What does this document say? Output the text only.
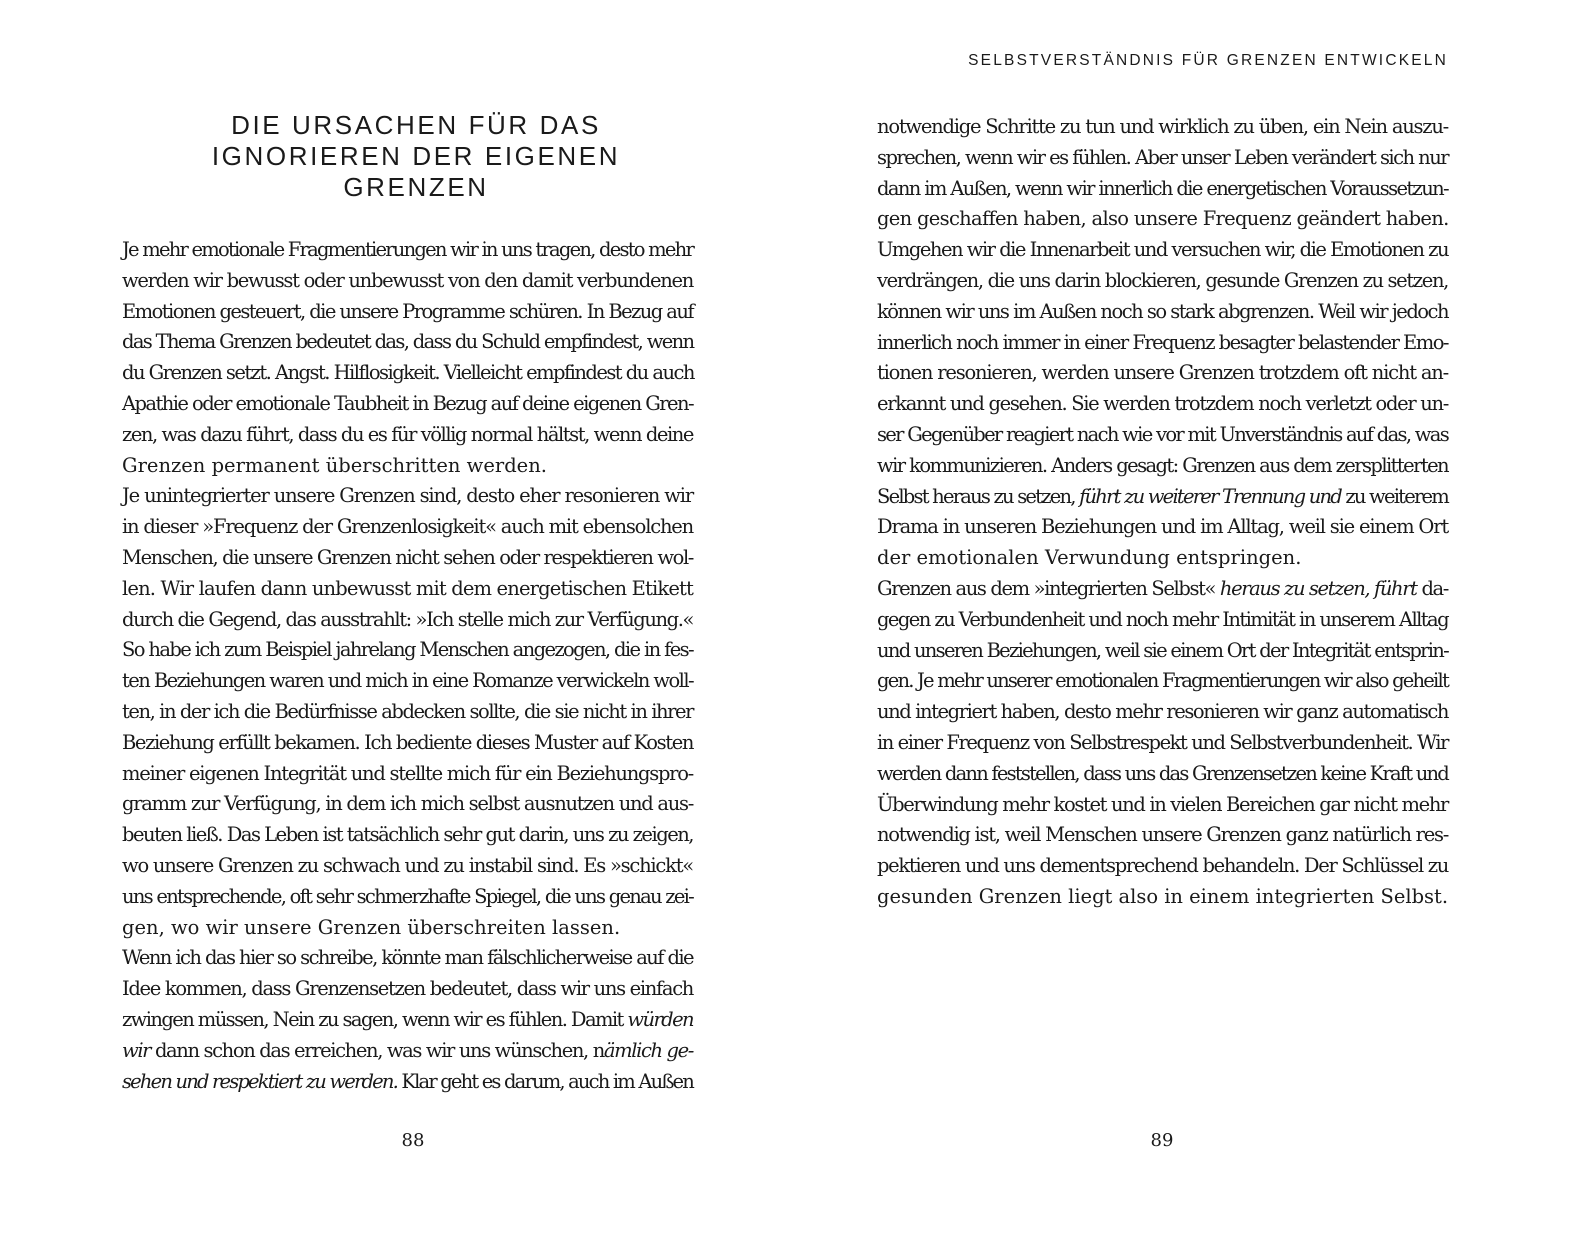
DIE URSACHEN FÜR DAS
IGNORIEREN DER EIGENEN
GRENZEN
Je mehr emotionale Fragmentierungen wir in uns tragen, desto mehr
werden wir bewusst oder unbewusst von den damit verbundenen
Emotionen gesteuert, die unsere Programme schüren. In Bezug auf
das Thema Grenzen bedeutet das, dass du Schuld empfindest, wenn
du Grenzen setzt. Angst. Hilflosigkeit. Vielleicht empfindest du auch
Apathie oder emotionale Taubheit in Bezug auf deine eigenen Gren-
zen, was dazu führt, dass du es für völlig normal hältst, wenn deine
Grenzen permanent überschritten werden.
Je unintegrierter unsere Grenzen sind, desto eher resonieren wir
in dieser »Frequenz der Grenzenlosigkeit« auch mit ebensolchen
Menschen, die unsere Grenzen nicht sehen oder respektieren wol-
len. Wir laufen dann unbewusst mit dem energetischen Etikett
durch die Gegend, das ausstrahlt: »Ich stelle mich zur Verfügung.«
So habe ich zum Beispiel jahrelang Menschen angezogen, die in fes-
ten Beziehungen waren und mich in eine Romanze verwickeln woll-
ten, in der ich die Bedürfnisse abdecken sollte, die sie nicht in ihrer
Beziehung erfüllt bekamen. Ich bediente dieses Muster auf Kosten
meiner eigenen Integrität und stellte mich für ein Beziehungspro-
gramm zur Verfügung, in dem ich mich selbst ausnutzen und aus-
beuten ließ. Das Leben ist tatsächlich sehr gut darin, uns zu zeigen,
wo unsere Grenzen zu schwach und zu instabil sind. Es »schickt«
uns entsprechende, oft sehr schmerzhafte Spiegel, die uns genau zei-
gen, wo wir unsere Grenzen überschreiten lassen.
Wenn ich das hier so schreibe, könnte man fälschlicherweise auf die
Idee kommen, dass Grenzensetzen bedeutet, dass wir uns einfach
zwingen müssen, Nein zu sagen, wenn wir es fühlen. Damit würden
wir dann schon das erreichen, was wir uns wünschen, nämlich ge-
sehen und respektiert zu werden. Klar geht es darum, auch im Außen
88
SELBSTVERSTÄNDNIS FÜR GRENZEN ENTWICKELN
notwendige Schritte zu tun und wirklich zu üben, ein Nein auszu-
sprechen, wenn wir es fühlen. Aber unser Leben verändert sich nur
dann im Außen, wenn wir innerlich die energetischen Voraussetzun-
gen geschaffen haben, also unsere Frequenz geändert haben.
Umgehen wir die Innenarbeit und versuchen wir, die Emotionen zu
verdrängen, die uns darin blockieren, gesunde Grenzen zu setzen,
können wir uns im Außen noch so stark abgrenzen. Weil wir jedoch
innerlich noch immer in einer Frequenz besagter belastender Emo-
tionen resonieren, werden unsere Grenzen trotzdem oft nicht an-
erkannt und gesehen. Sie werden trotzdem noch verletzt oder un-
ser Gegenüber reagiert nach wie vor mit Unverständnis auf das, was
wir kommunizieren. Anders gesagt: Grenzen aus dem zersplitterten
Selbst heraus zu setzen, führt zu weiterer Trennung und zu weiterem
Drama in unseren Beziehungen und im Alltag, weil sie einem Ort
der emotionalen Verwundung entspringen.
Grenzen aus dem »integrierten Selbst« heraus zu setzen, führt da-
gegen zu Verbundenheit und noch mehr Intimität in unserem Alltag
und unseren Beziehungen, weil sie einem Ort der Integrität entsprin-
gen. Je mehr unserer emotionalen Fragmentierungen wir also geheilt
und integriert haben, desto mehr resonieren wir ganz automatisch
in einer Frequenz von Selbstrespekt und Selbstverbundenheit. Wir
werden dann feststellen, dass uns das Grenzensetzen keine Kraft und
Überwindung mehr kostet und in vielen Bereichen gar nicht mehr
notwendig ist, weil Menschen unsere Grenzen ganz natürlich res-
pektieren und uns dementsprechend behandeln. Der Schlüssel zu
gesunden Grenzen liegt also in einem integrierten Selbst.
89
